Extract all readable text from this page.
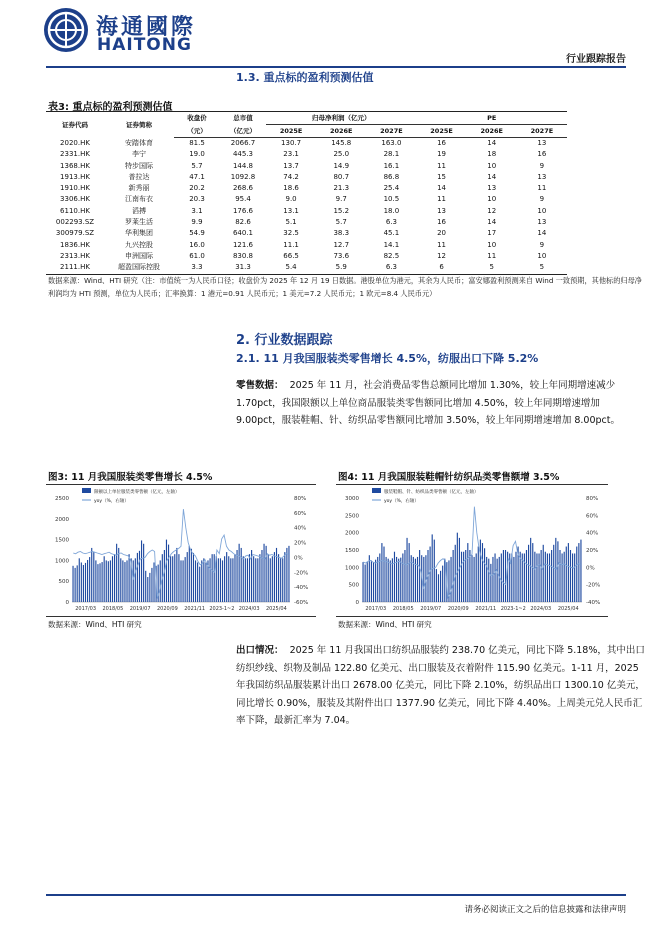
海通國際
HAITONG
行业跟踪报告
1.3. 重点标的盈利预测估值
表3: 重点标的盈利预测估值
证券代码	证券简称	收盘价	总市值	归母净利润（亿元）			PE		
		（元）	（亿元）	2025E	2026E	2027E	2025E	2026E	2027E
2020.HK	安踏体育	81.5	2066.7	130.7	145.8	163.0	16	14	13
2331.HK	李宁	19.0	445.3	23.1	25.0	28.1	19	18	16
1368.HK	特步国际	5.7	144.8	13.7	14.9	16.1	11	10	9
1913.HK	普拉达	47.1	1092.8	74.2	80.7	86.8	15	14	13
1910.HK	新秀丽	20.2	268.6	18.6	21.3	25.4	14	13	11
3306.HK	江南布衣	20.3	95.4	9.0	9.7	10.5	11	10	9
6110.HK	滔搏	3.1	176.6	13.1	15.2	18.0	13	12	10
002293.SZ	罗莱生活	9.9	82.6	5.1	5.7	6.3	16	14	13
300979.SZ	华利集团	54.9	640.1	32.5	38.3	45.1	20	17	14
1836.HK	九兴控股	16.0	121.6	11.1	12.7	14.1	11	10	9
2313.HK	申洲国际	61.0	830.8	66.5	73.6	82.5	12	11	10
2111.HK	超盈国际控股	3.3	31.3	5.4	5.9	6.3	6	5	5
数据来源：Wind、HTI 研究（注：市值统一为人民币口径；收盘价为 2025 年 12 月 19 日数据。港股单位为港元，其余为人民币；富安娜盈利预测来自 Wind 一致预期，其他标的归母净利润均为 HTI 预测，单位为人民币；汇率换算：1 港元=0.91 人民币元；1 美元=7.2 人民币元；1 欧元=8.4 人民币元）
2. 行业数据跟踪
2.1. 11 月我国服装类零售增长 4.5%，纺服出口下降 5.2%
零售数据： 2025 年 11 月，社会消费品零售总额同比增加 1.30%，较上年同期增速减少 1.70pct，我国限额以上单位商品服装类零售额同比增加 4.50%，较上年同期增速增加 9.00pct，服装鞋帽、针、纺织品零售额同比增加 3.50%，较上年同期增速增加 8.00pct。
图3: 11 月我国服装类零售增长 4.5%
限额以上单位服装类零售额（亿元，左轴）
yoy（%，右轴）
0
500
1000
1500
2000
2500
-60%
-40%
-20%
0%
20%
40%
60%
80%
2017/03 2018/05 2019/07 2020/09 2021/11 2023-1~2 2024/03 2025/04
数据来源：Wind、HTI 研究
图4: 11 月我国服装鞋帽针纺织品类零售额增 3.5%
服装鞋帽、针、纺织品类零售额（亿元，左轴）
yoy（%，右轴）
0
500
1000
1500
2000
2500
3000
-40%
-20%
0%
20%
40%
60%
80%
2017/03 2018/05 2019/07 2020/09 2021/11 2023-1~2 2024/03 2025/04
数据来源：Wind、HTI 研究
出口情况： 2025 年 11 月我国出口纺织品服装约 238.70 亿美元，同比下降 5.18%，其中出口纺织纱线、织物及制品 122.80 亿美元、出口服装及衣着附件 115.90 亿美元。1-11 月，2025 年我国纺织品服装累计出口 2678.00 亿美元，同比下降 2.10%，纺织品出口 1300.10 亿美元，同比增长 0.90%，服装及其附件出口 1377.90 亿美元，同比下降 4.40%。上周美元兑人民币汇率下降，最新汇率为 7.04。
请务必阅读正文之后的信息披露和法律声明
